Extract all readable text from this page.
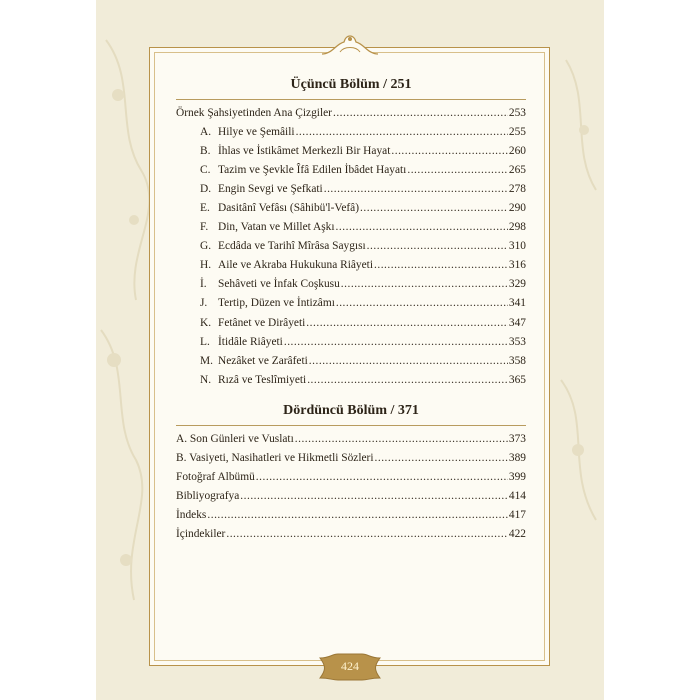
424
Üçüncü Bölüm / 251
Örnek Şahsiyetinden Ana Çizgiler .....	253
A. Hilye ve Şemâili .....	255
B. İhlas ve İstikâmet Merkezli Bir Hayat .....	260
C. Tazim ve Şevkle Îfâ Edilen İbâdet Hayatı .....	265
D. Engin Sevgi ve Şefkati .....	278
E. Dasitânî Vefâsı (Sâhibü'l-Vefâ) .....	290
F. Din, Vatan ve Millet Aşkı .....	298
G. Ecdâda ve Tarihî Mîrâsa Saygısı .....	310
H. Aile ve Akraba Hukukuna Riâyeti .....	316
İ. Sehâveti ve İnfak Coşkusu .....	329
J. Tertip, Düzen ve İntizâmı .....	341
K. Fetânet ve Dirâyeti .....	347
L. İtidâle Riâyeti .....	353
M. Nezâket ve Zarâfeti .....	358
N. Rızâ ve Teslîmiyeti .....	365
Dördüncü Bölüm / 371
A. Son Günleri ve Vuslatı .....	373
B. Vasiyeti, Nasihatleri ve Hikmetli Sözleri .....	389
Fotoğraf Albümü .....	399
Bibliyografya .....	414
İndeks .....	417
İçindekiler .....	422
